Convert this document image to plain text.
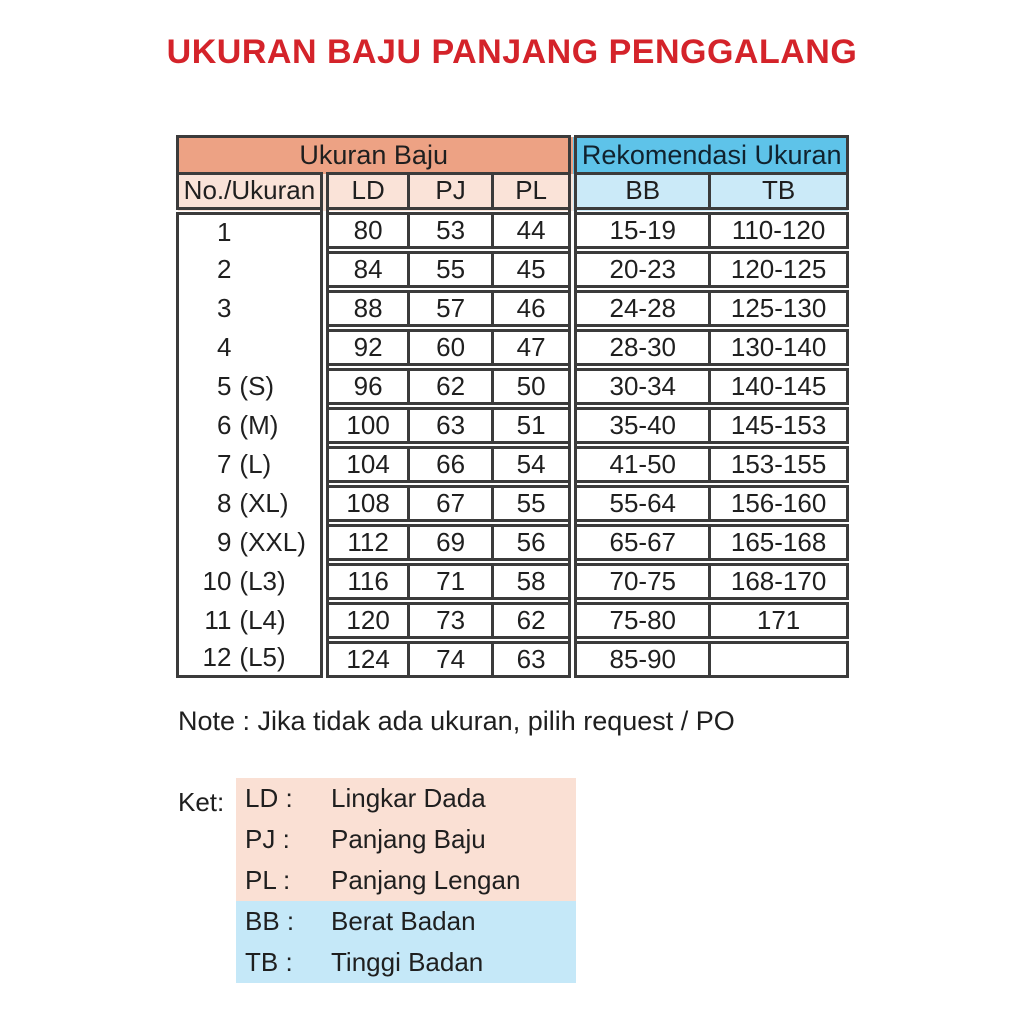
UKURAN BAJU PANJANG PENGGALANG
Ukuran Baju				Rekomendasi Ukuran	
No./Ukuran	LD	PJ	PL	BB	TB
1	80	53	44	15-19	110-120
2	84	55	45	20-23	120-125
3	88	57	46	24-28	125-130
4	92	60	47	28-30	130-140
5 (S)	96	62	50	30-34	140-145
6 (M)	100	63	51	35-40	145-153
7 (L)	104	66	54	41-50	153-155
8 (XL)	108	67	55	55-64	156-160
9 (XXL)	112	69	56	65-67	165-168
10 (L3)	116	71	58	70-75	168-170
11 (L4)	120	73	62	75-80	171
12 (L5)	124	74	63	85-90	

Note : Jika tidak ada ukuran, pilih request / PO

Ket: LD :	Lingkar Dada
PJ :	Panjang Baju
PL :	Panjang Lengan
BB :	Berat Badan
TB :	Tinggi Badan
